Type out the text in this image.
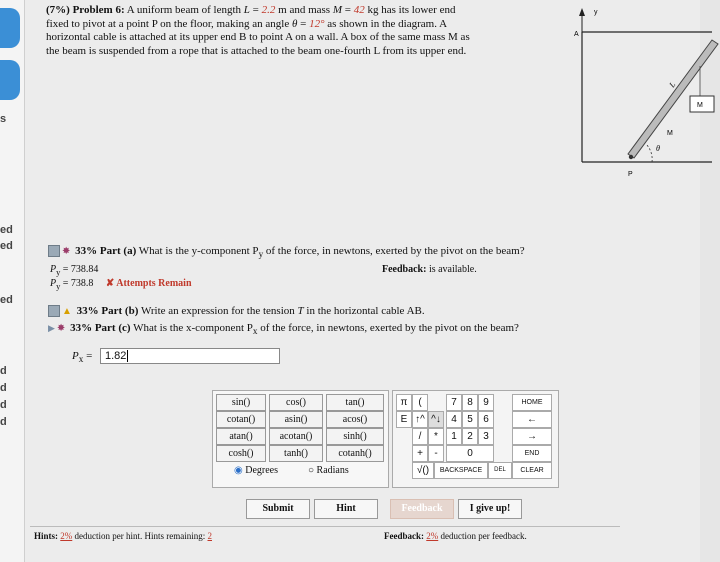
s
ed
ed
ed
d
d
d
d
(7%) Problem 6: A uniform beam of length L = 2.2 m and mass M = 42 kg has its lower end
fixed to pivot at a point P on the floor, making an angle θ = 12° as shown in the diagram. A
horizontal cable is attached at its upper end B to point A on a wall. A box of the same mass M as
the beam is suspended from a rope that is attached to the beam one-fourth L from its upper end.
y
A
L
M
M
θ
P
✸ 33% Part (a) What is the y-component $P_y$ of the force, in newtons, exerted by the pivot on the beam?
$P_y = 738.84$	Feedback: is available.
$P_y = 738.8$ ✘ Attempts Remain
▲ 33% Part (b) Write an expression for the tension T in the horizontal cable AB.
▶ ✸ 33% Part (c) What is the x-component $P_x$ of the force, in newtons, exerted by the pivot on the beam?
$P_x$ =	1.82
sin()	cos()	tan()
cotan()	asin()	acos()
atan()	acotan()	sinh()
cosh()	tanh()	cotanh()
◉ Degrees	○ Radians
π	(
E ↑^ ^↓
/	*
+	-
√()
7	8	9
4	5	6
1	2	3
0
BACKSPACE	DEL
HOME
←
→
END
CLEAR
Submit	Hint	Feedback	I give up!
Hints: 2% deduction per hint. Hints remaining: 2	Feedback: 2% deduction per feedback.
